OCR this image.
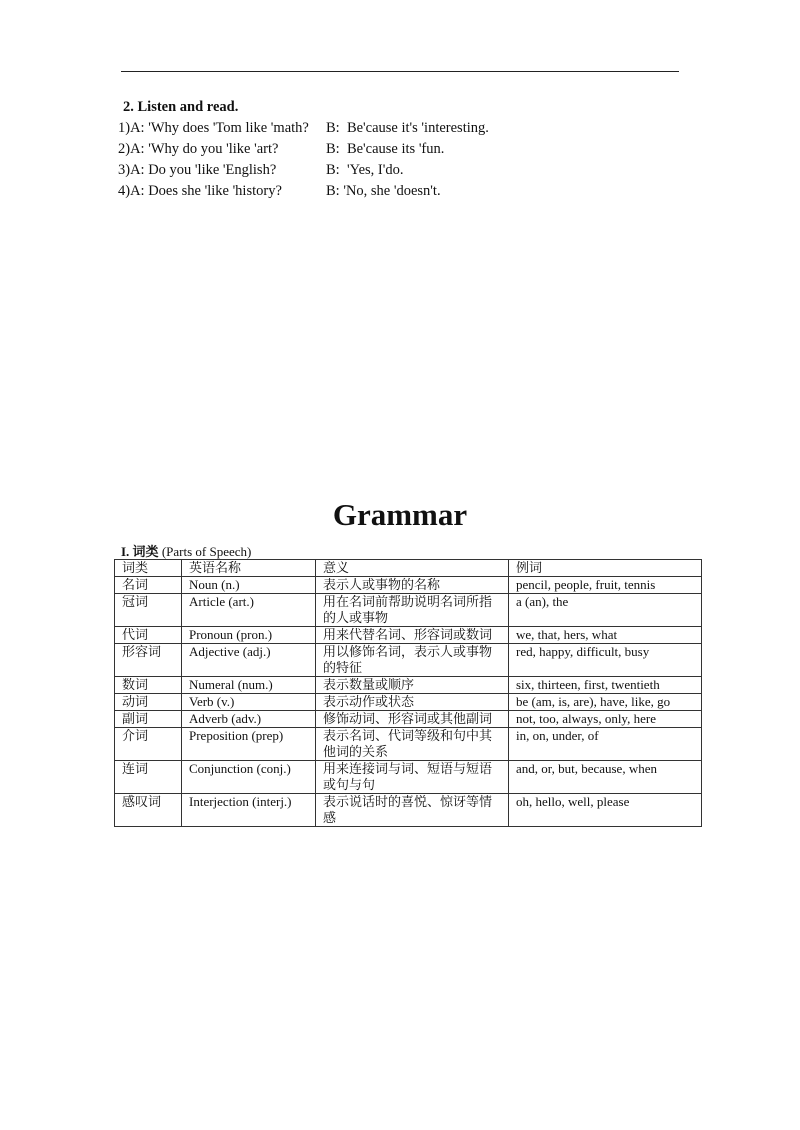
2. Listen and read.
1)A: 'Why does 'Tom like 'math?	B:  Be'cause it's 'interesting.
2)A: 'Why do you 'like 'art?	B:  Be'cause its 'fun.
3)A: Do you 'like 'English?	B:  'Yes, I'do.
4)A: Does she 'like 'history?	B: 'No, she 'doesn't.
Grammar
I. 词类 (Parts of Speech)
词类	英语名称	意义	例词
名词	Noun (n.)	表示人或事物的名称	pencil, people, fruit, tennis
冠词	Article (art.)	用在名词前帮助说明名词所指的人或事物	a (an), the
代词	Pronoun (pron.)	用来代替名词、形容词或数词	we, that, hers, what
形容词	Adjective (adj.)	用以修饰名词，表示人或事物的特征	red, happy, difficult, busy
数词	Numeral (num.)	表示数量或顺序	six, thirteen, first, twentieth
动词	Verb (v.)	表示动作或状态	be (am, is, are), have, like, go
副词	Adverb (adv.)	修饰动词、形容词或其他副词	not, too, always, only, here
介词	Preposition (prep)	表示名词、代词等级和句中其他词的关系	in, on, under, of
连词	Conjunction (conj.)	用来连接词与词、短语与短语或句与句	and, or, but, because, when
感叹词	Interjection (interj.)	表示说话时的喜悦、惊讶等情感	oh, hello, well, please
